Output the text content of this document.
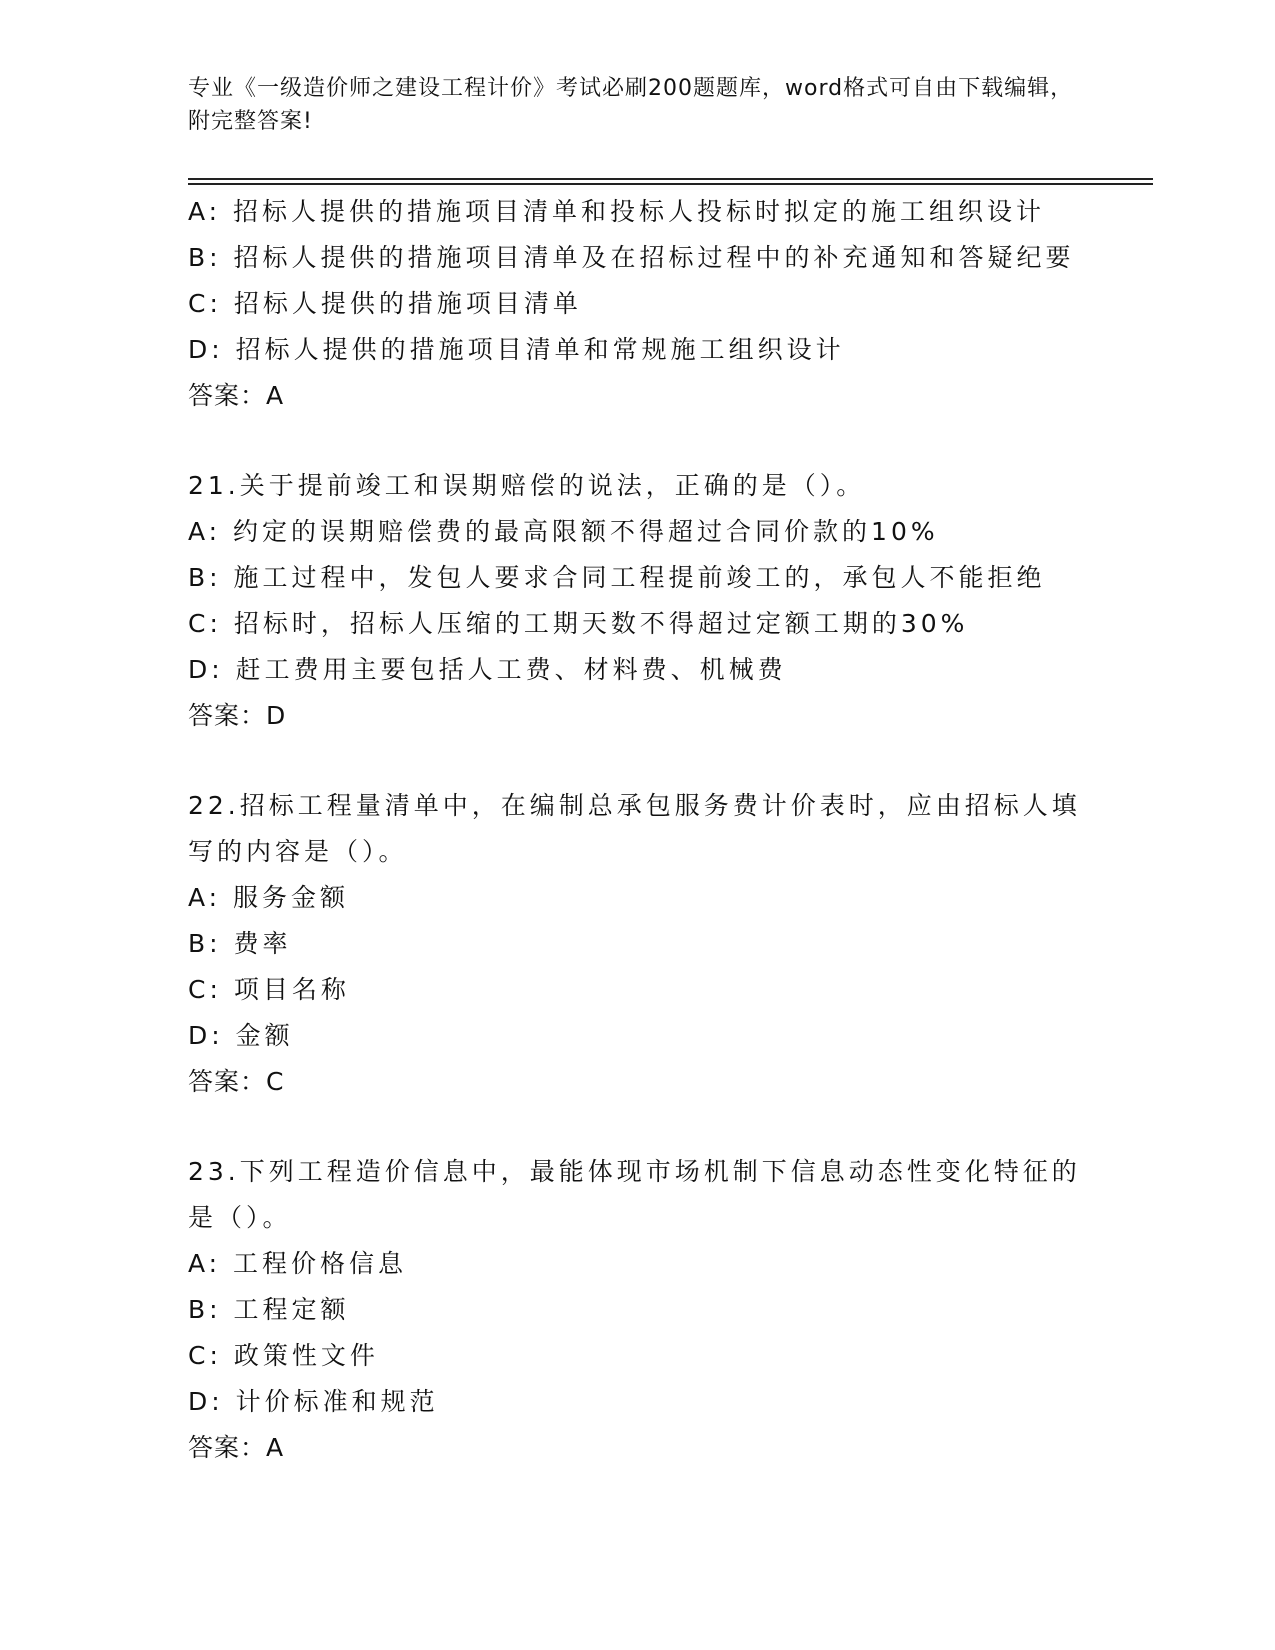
专业《一级造价师之建设工程计价》考试必刷200题题库，word格式可自由下载编辑，附完整答案!
A: 招标人提供的措施项目清单和投标人投标时拟定的施工组织设计
B: 招标人提供的措施项目清单及在招标过程中的补充通知和答疑纪要
C: 招标人提供的措施项目清单
D: 招标人提供的措施项目清单和常规施工组织设计
答案：A
21.关于提前竣工和误期赔偿的说法，正确的是（）。
A: 约定的误期赔偿费的最高限额不得超过合同价款的10%
B: 施工过程中，发包人要求合同工程提前竣工的，承包人不能拒绝
C: 招标时，招标人压缩的工期天数不得超过定额工期的30%
D: 赶工费用主要包括人工费、材料费、机械费
答案：D
22.招标工程量清单中，在编制总承包服务费计价表时，应由招标人填写的内容是（）。
A: 服务金额
B: 费率
C: 项目名称
D: 金额
答案：C
23.下列工程造价信息中，最能体现市场机制下信息动态性变化特征的是（）。
A: 工程价格信息
B: 工程定额
C: 政策性文件
D: 计价标准和规范
答案：A
